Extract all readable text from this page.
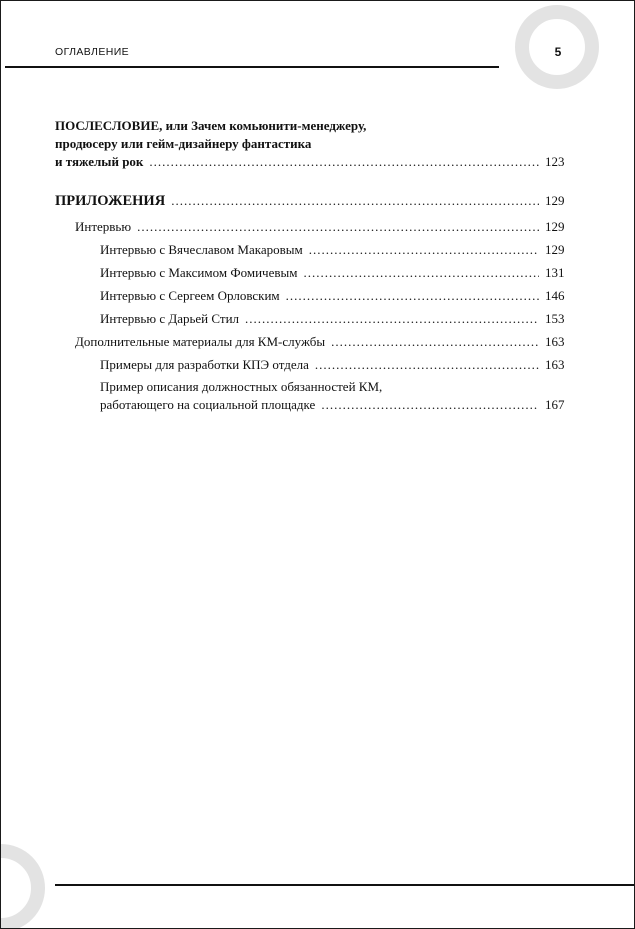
5
ОГЛАВЛЕНИЕ
ПОСЛЕСЛОВИЕ, или Зачем комьюнити-менеджеру,
продюсеру или гейм-дизайнеру фантастика
и тяжелый рок .....	123
ПРИЛОЖЕНИЯ .....	129
Интервью .....	129
Интервью с Вячеславом Макаровым .....	129
Интервью с Максимом Фомичевым .....	131
Интервью с Сергеем Орловским .....	146
Интервью с Дарьей Стил .....	153
Дополнительные материалы для КМ-службы .....	163
Примеры для разработки КПЭ отдела .....	163
Пример описания должностных обязанностей КМ,
работающего на социальной площадке .....	167
